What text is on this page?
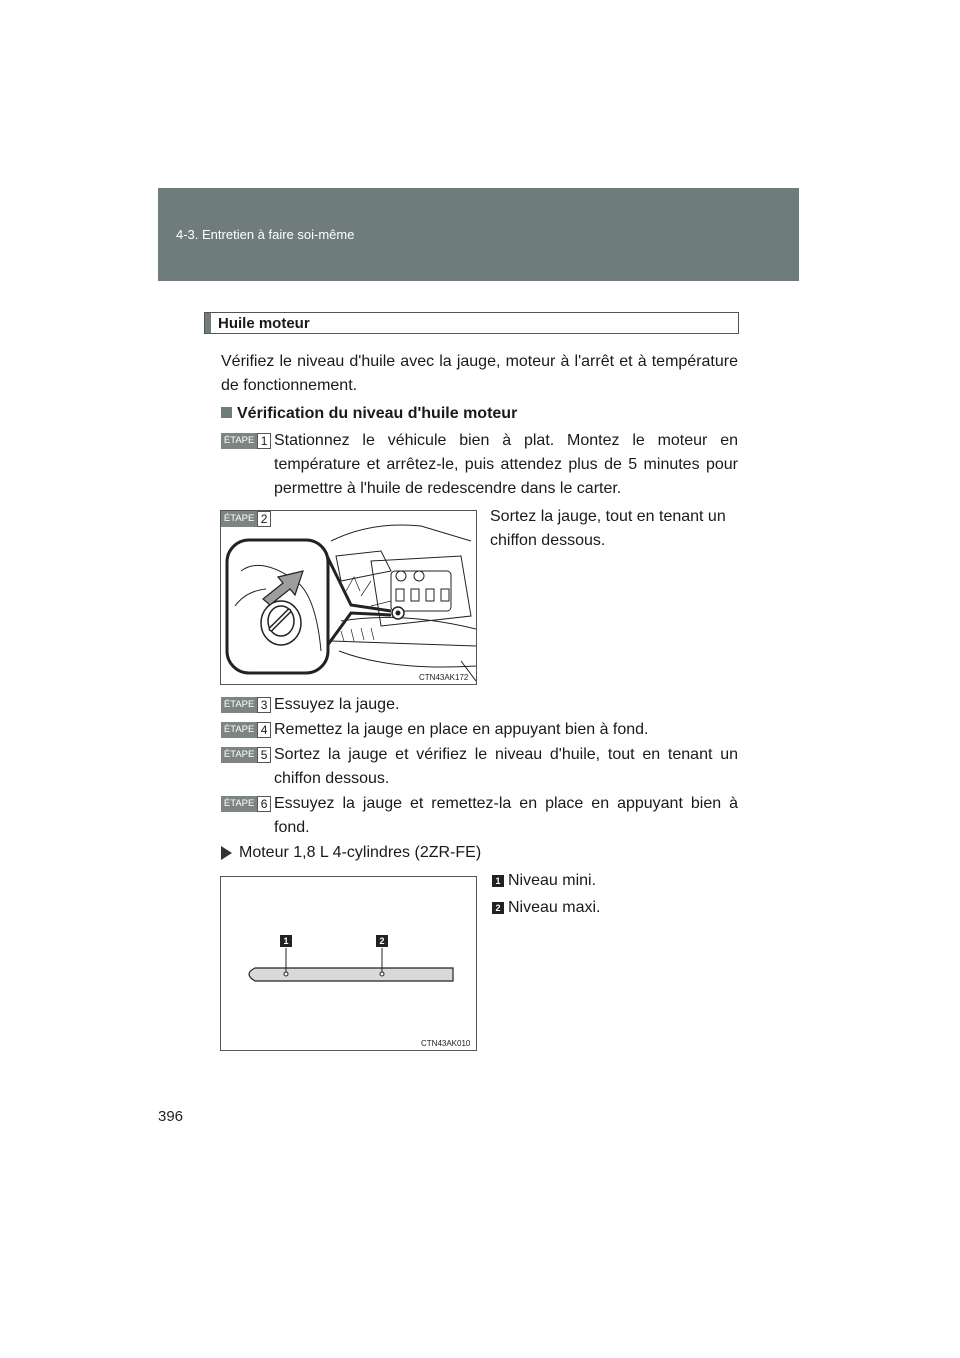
4-3. Entretien à faire soi-même
Huile moteur
Vérifiez le niveau d'huile avec la jauge, moteur à l'arrêt et à température de fonctionnement.
Vérification du niveau d'huile moteur
ÉTAPE 1 Stationnez le véhicule bien à plat. Montez le moteur en température et arrêtez-le, puis attendez plus de 5 minutes pour permettre à l'huile de redescendre dans le carter.
ÉTAPE 2
CTN43AK172
Sortez la jauge, tout en tenant un chiffon dessous.
ÉTAPE 3 Essuyez la jauge.
ÉTAPE 4 Remettez la jauge en place en appuyant bien à fond.
ÉTAPE 5 Sortez la jauge et vérifiez le niveau d'huile, tout en tenant un chiffon dessous.
ÉTAPE 6 Essuyez la jauge et remettez-la en place en appuyant bien à fond.
Moteur 1,8 L 4-cylindres (2ZR-FE)
1	2
CTN43AK010
1 Niveau mini.
2 Niveau maxi.
396
